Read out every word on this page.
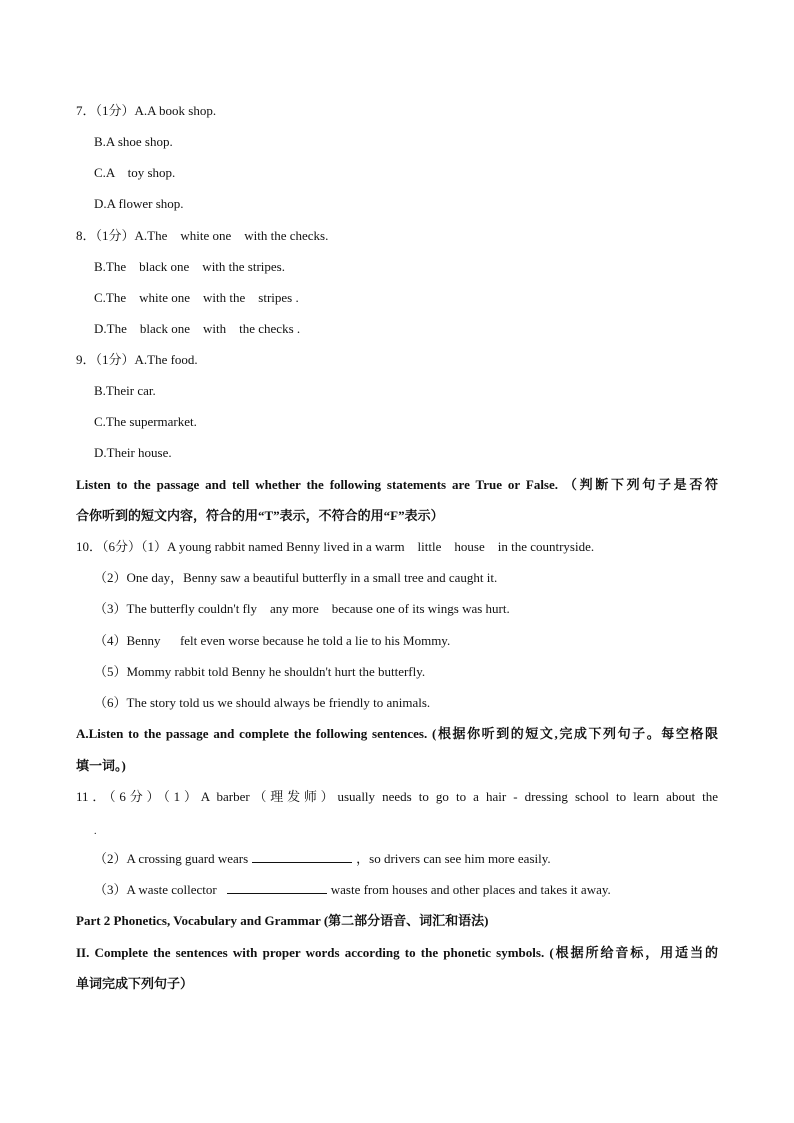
7．（1分）A.A book shop.
B.A shoe shop.
C.A    toy shop.
D.A flower shop.
8．（1分）A.The    white one    with the checks.
B.The    black one    with the stripes.
C.The    white one    with the    stripes .
D.The    black one    with    the checks .
9．（1分）A.The food.
B.Their car.
C.The supermarket.
D.Their house.
Listen to the passage and tell whether the following statements are True or False. （判断下列句子是否符
合你听到的短文内容，符合的用“T”表示，不符合的用“F”表示）
10．（6分）（1）A young rabbit named Benny lived in a warm    little    house    in the countryside.
（2）One day，Benny saw a beautiful butterfly in a small tree and caught it.
（3）The butterfly couldn't fly    any more    because one of its wings was hurt.
（4）Benny      felt even worse because he told a lie to his Mommy.
（5）Mommy rabbit told Benny he shouldn't hurt the butterfly.
（6）The story told us we should always be friendly to animals.
A.Listen to the passage and complete the following sentences. (根据你听到的短文,完成下列句子。每空格限
填一词。)
11．（6分）（1）A barber（理发师）usually needs to go to a hair - dressing school to learn about the
.
（2）A crossing guard wears	，so drivers can see him more easily.
（3）A waste collector	waste from houses and other places and takes it away.
Part 2 Phonetics, Vocabulary and Grammar (第二部分语音、词汇和语法)
II. Complete the sentences with proper words according to the phonetic symbols. (根据所给音标，用适当的
单词完成下列句子）
